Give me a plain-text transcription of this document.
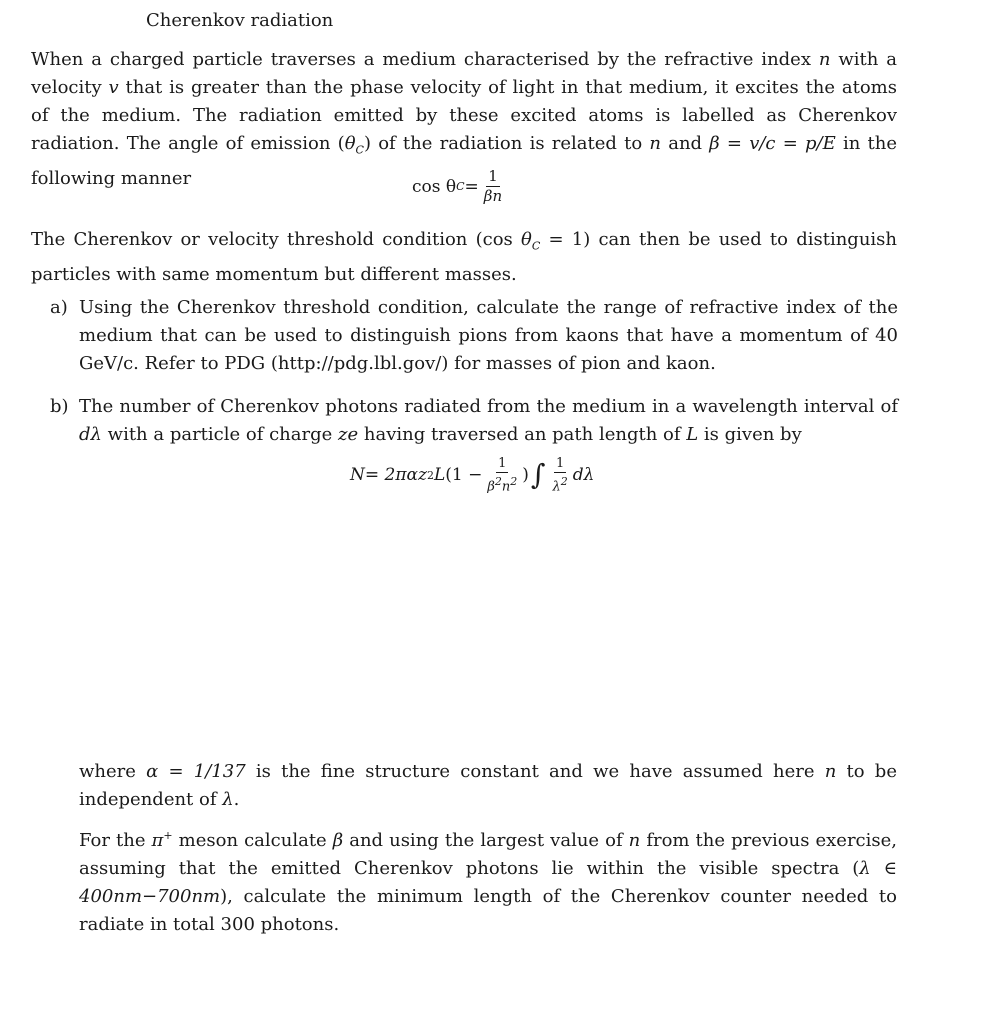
Cherenkov radiation
When a charged particle traverses a medium characterised by the refractive index n with a velocity v that is greater than the phase velocity of light in that medium, it excites the atoms of the medium. The radiation emitted by these excited atoms is labelled as Cherenkov radiation. The angle of emission $(\theta_C)$ of the radiation is related to n and β = v/c = p/E in the following manner	cos θ $C = \frac{1}{\beta n}$
The Cherenkov or velocity threshold condition (cos $\theta_C = 1$) can then be used to distinguish particles with same momentum but different masses.
a) Using the Cherenkov threshold condition, calculate the range of refractive index of the medium that can be used to distinguish pions from kaons that have a momentum of 40 GeV/c. Refer to PDG (http://pdg.lbl.gov/) for masses of pion and kaon.
b) The number of Cherenkov photons radiated from the medium in a wavelength interval of dλ with a particle of charge ze having traversed an path length of L is given by
N = 2παz 2 L ($1 - \frac{1}{\beta^2n^2}$ ) ∫ $\frac{1}{\lambda^2}$ dλ
where α = 1/137 is the fine structure constant and we have assumed here n to be independent of λ.
For the π+ meson calculate β and using the largest value of n from the previous exercise, assuming that the emitted Cherenkov photons lie within the visible spectra (λ ∈ 400nm−700nm), calculate the minimum length of the Cherenkov counter needed to radiate in total 300 photons.
